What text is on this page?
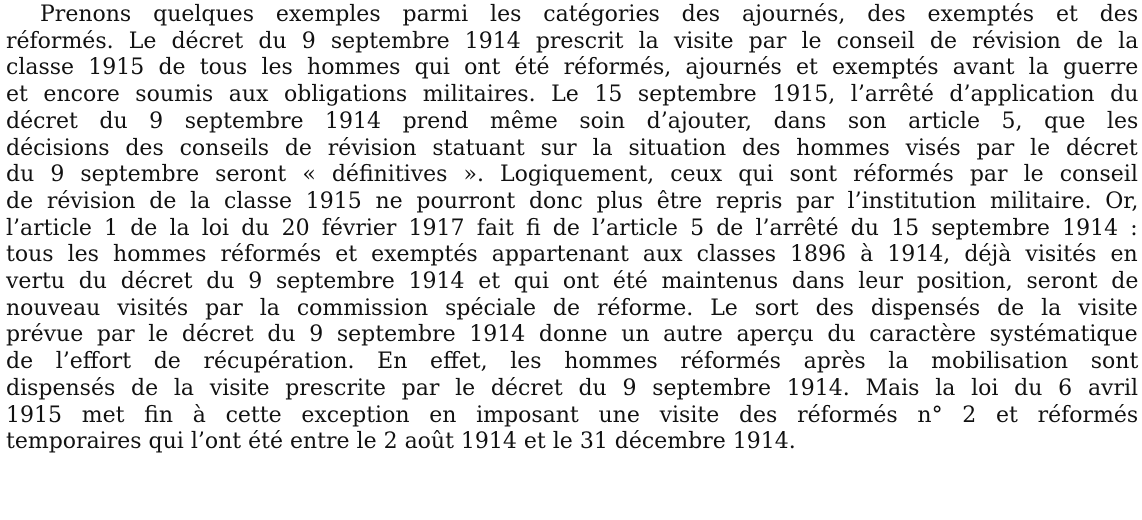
Prenons quelques exemples parmi les catégories des ajournés, des exemptés et des
réformés. Le décret du 9 septembre 1914 prescrit la visite par le conseil de révision de la
classe 1915 de tous les hommes qui ont été réformés, ajournés et exemptés avant la guerre
et encore soumis aux obligations militaires. Le 15 septembre 1915, l’arrêté d’application du
décret du 9 septembre 1914 prend même soin d’ajouter, dans son article 5, que les
décisions des conseils de révision statuant sur la situation des hommes visés par le décret
du 9 septembre seront « définitives ». Logiquement, ceux qui sont réformés par le conseil
de révision de la classe 1915 ne pourront donc plus être repris par l’institution militaire. Or,
l’article 1 de la loi du 20 février 1917 fait fi de l’article 5 de l’arrêté du 15 septembre 1914 :
tous les hommes réformés et exemptés appartenant aux classes 1896 à 1914, déjà visités en
vertu du décret du 9 septembre 1914 et qui ont été maintenus dans leur position, seront de
nouveau visités par la commission spéciale de réforme. Le sort des dispensés de la visite
prévue par le décret du 9 septembre 1914 donne un autre aperçu du caractère systématique
de l’effort de récupération. En effet, les hommes réformés après la mobilisation sont
dispensés de la visite prescrite par le décret du 9 septembre 1914. Mais la loi du 6 avril
1915 met fin à cette exception en imposant une visite des réformés n° 2 et réformés
temporaires qui l’ont été entre le 2 août 1914 et le 31 décembre 1914.
